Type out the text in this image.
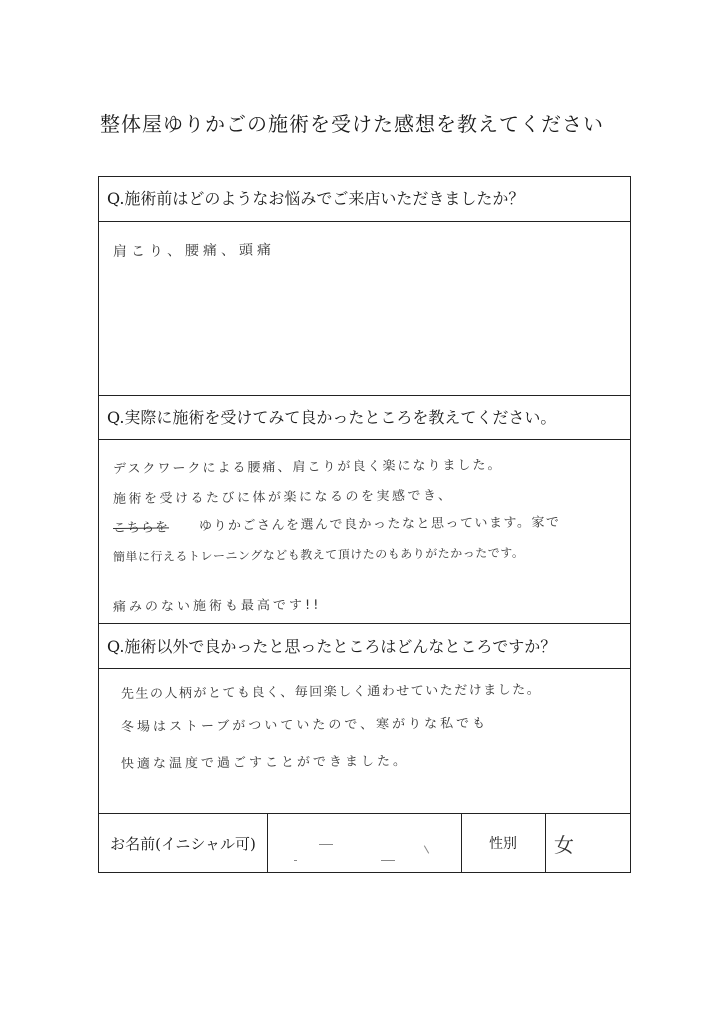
整体屋ゆりかごの施術を受けた感想を教えてください
Q.施術前はどのようなお悩みでご来店いただきましたか？
肩こり、腰痛、頭痛
Q.実際に施術を受けてみて良かったところを教えてください。
デスクワークによる腰痛、肩こりが良く楽になりました。
施術を受けるたびに体が楽になるのを実感でき、
こちらを ゆりかごさんを選んで良かったなと思っています。家で
簡単に行えるトレーニングなども教えて頂けたのもありがたかったです。
痛みのない施術も最高です!!
Q.施術以外で良かったと思ったところはどんなところですか？
先生の人柄がとても良く、毎回楽しく通わせていただけました。
冬場はストーブがついていたので、寒がりな私でも
快適な温度で過ごすことができました。
お名前(イニシャル可)	性別	女
